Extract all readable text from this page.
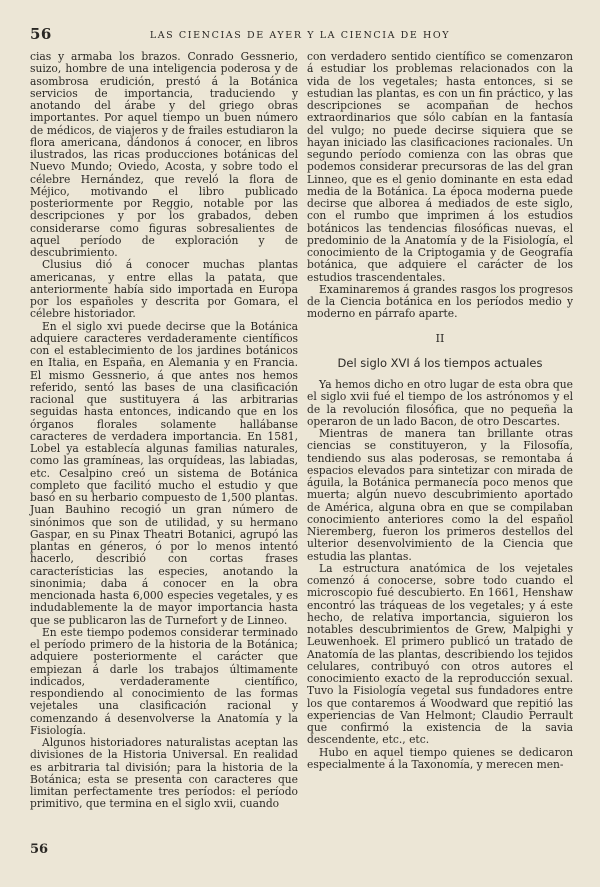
56	LAS CIENCIAS DE AYER Y LA CIENCIA DE HOY

cias y armaba los brazos. Conrado Gessnerio, suizo, hombre de una inteligencia poderosa y de asombrosa erudición, prestó á la Botánica servicios de importancia, traduciendo y anotando del árabe y del griego obras importantes. Por aquel tiempo un buen número de médicos, de viajeros y de frailes estudiaron la flora americana, dándonos á conocer, en libros ilustrados, las ricas producciones botánicas del Nuevo Mundo; Oviedo, Acosta, y sobre todo el célebre Hernández, que reveló la flora de Méjico, motivando el libro publicado posteriormente por Reggio, notable por las descripciones y por los grabados, deben considerarse como figuras sobresalientes de aquel período de exploración y de descubrimiento.

Clusius dió á conocer muchas plantas americanas, y entre ellas la patata, que anteriormente había sido importada en Europa por los españoles y descrita por Gomara, el célebre historiador.

En el siglo xvi puede decirse que la Botánica adquiere caracteres verdaderamente científicos con el establecimiento de los jardines botánicos en Italia, en España, en Alemania y en Francia. El mismo Gessnerio, á que antes nos hemos referido, sentó las bases de una clasificación racional que sustituyera á las arbitrarias seguidas hasta entonces, indicando que en los órganos florales solamente hallábanse caracteres de verdadera importancia. En 1581, Lobel ya establecía algunas familias naturales, como las gramíneas, las orquídeas, las labiadas, etc. Cesalpino creó un sistema de Botánica completo que facilitó mucho el estudio y que basó en su herbario compuesto de 1,500 plantas. Juan Bauhino recogió un gran número de sinónimos que son de utilidad, y su hermano Gaspar, en su Pinax Theatri Botanici, agrupó las plantas en géneros, ó por lo menos intentó hacerlo, describió con cortas frases característicias las especies, anotando la sinonimia; daba á conocer en la obra mencionada hasta 6,000 especies vegetales, y es indudablemente la de mayor importancia hasta que se publicaron las de Turnefort y de Linneo.

En este tiempo podemos considerar terminado el período primero de la historia de la Botánica; adquiere posteriormente el carácter que empiezan á darle los trabajos últimamente indicados, verdaderamente científico, respondiendo al conocimiento de las formas vejetales una clasificación racional y comenzando á desenvolverse la Anatomía y la Fisiología.

Algunos historiadores naturalistas aceptan las divisiones de la Historia Universal. En realidad es arbitraria tal división; para la historia de la Botánica; esta se presenta con caracteres que limitan perfectamente tres períodos: el período primitivo, que termina en el siglo xvii, cuando

con verdadero sentido científico se comenzaron á estudiar los problemas relacionados con la vida de los vegetales; hasta entonces, si se estudian las plantas, es con un fin práctico, y las descripciones se acompañan de hechos extraordinarios que sólo cabían en la fantasía del vulgo; no puede decirse siquiera que se hayan iniciado las clasificaciones racionales. Un segundo período comienza con las obras que podemos considerar precursoras de las del gran Linneo, que es el genio dominante en esta edad media de la Botánica. La época moderna puede decirse que alborea á mediados de este siglo, con el rumbo que imprimen á los estudios botánicos las tendencias filosóficas nuevas, el predominio de la Anatomía y de la Fisiología, el conocimiento de la Criptogamia y de Geografía botánica, que adquiere el carácter de los estudios trascendentales.

Examinaremos á grandes rasgos los progresos de la Ciencia botánica en los períodos medio y moderno en párrafo aparte.

II
Del siglo XVI á los tiempos actuales

Ya hemos dicho en otro lugar de esta obra que el siglo xvii fué el tiempo de los astrónomos y el de la revolución filosófica, que no pequeña la operaron de un lado Bacon, de otro Descartes.

Mientras de manera tan brillante otras ciencias se constituyeron, y la Filosofía, tendiendo sus alas poderosas, se remontaba á espacios elevados para sintetizar con mirada de águila, la Botánica permanecía poco menos que muerta; algún nuevo descubrimiento aportado de América, alguna obra en que se compilaban conocimiento anteriores como la del español Nieremberg, fueron los primeros destellos del ulterior desenvolvimiento de la Ciencia que estudia las plantas.

La estructura anatómica de los vejetales comenzó á conocerse, sobre todo cuando el microscopio fué descubierto. En 1661, Henshaw encontró las tráqueas de los vegetales; y á este hecho, de relativa importancia, siguieron los notables descubrimientos de Grew, Malpighi y Leuwenhoek. El primero publicó un tratado de Anatomía de las plantas, describiendo los tejidos celulares, contribuyó con otros autores el conocimiento exacto de la reproducción sexual. Tuvo la Fisiología vegetal sus fundadores entre los que contaremos á Woodward que repitió las experiencias de Van Helmont; Claudio Perrault que confirmó la existencia de la savia descendente, etc., etc.

Hubo en aquel tiempo quienes se dedicaron especialmente á la Taxonomía, y merecen men-

56
